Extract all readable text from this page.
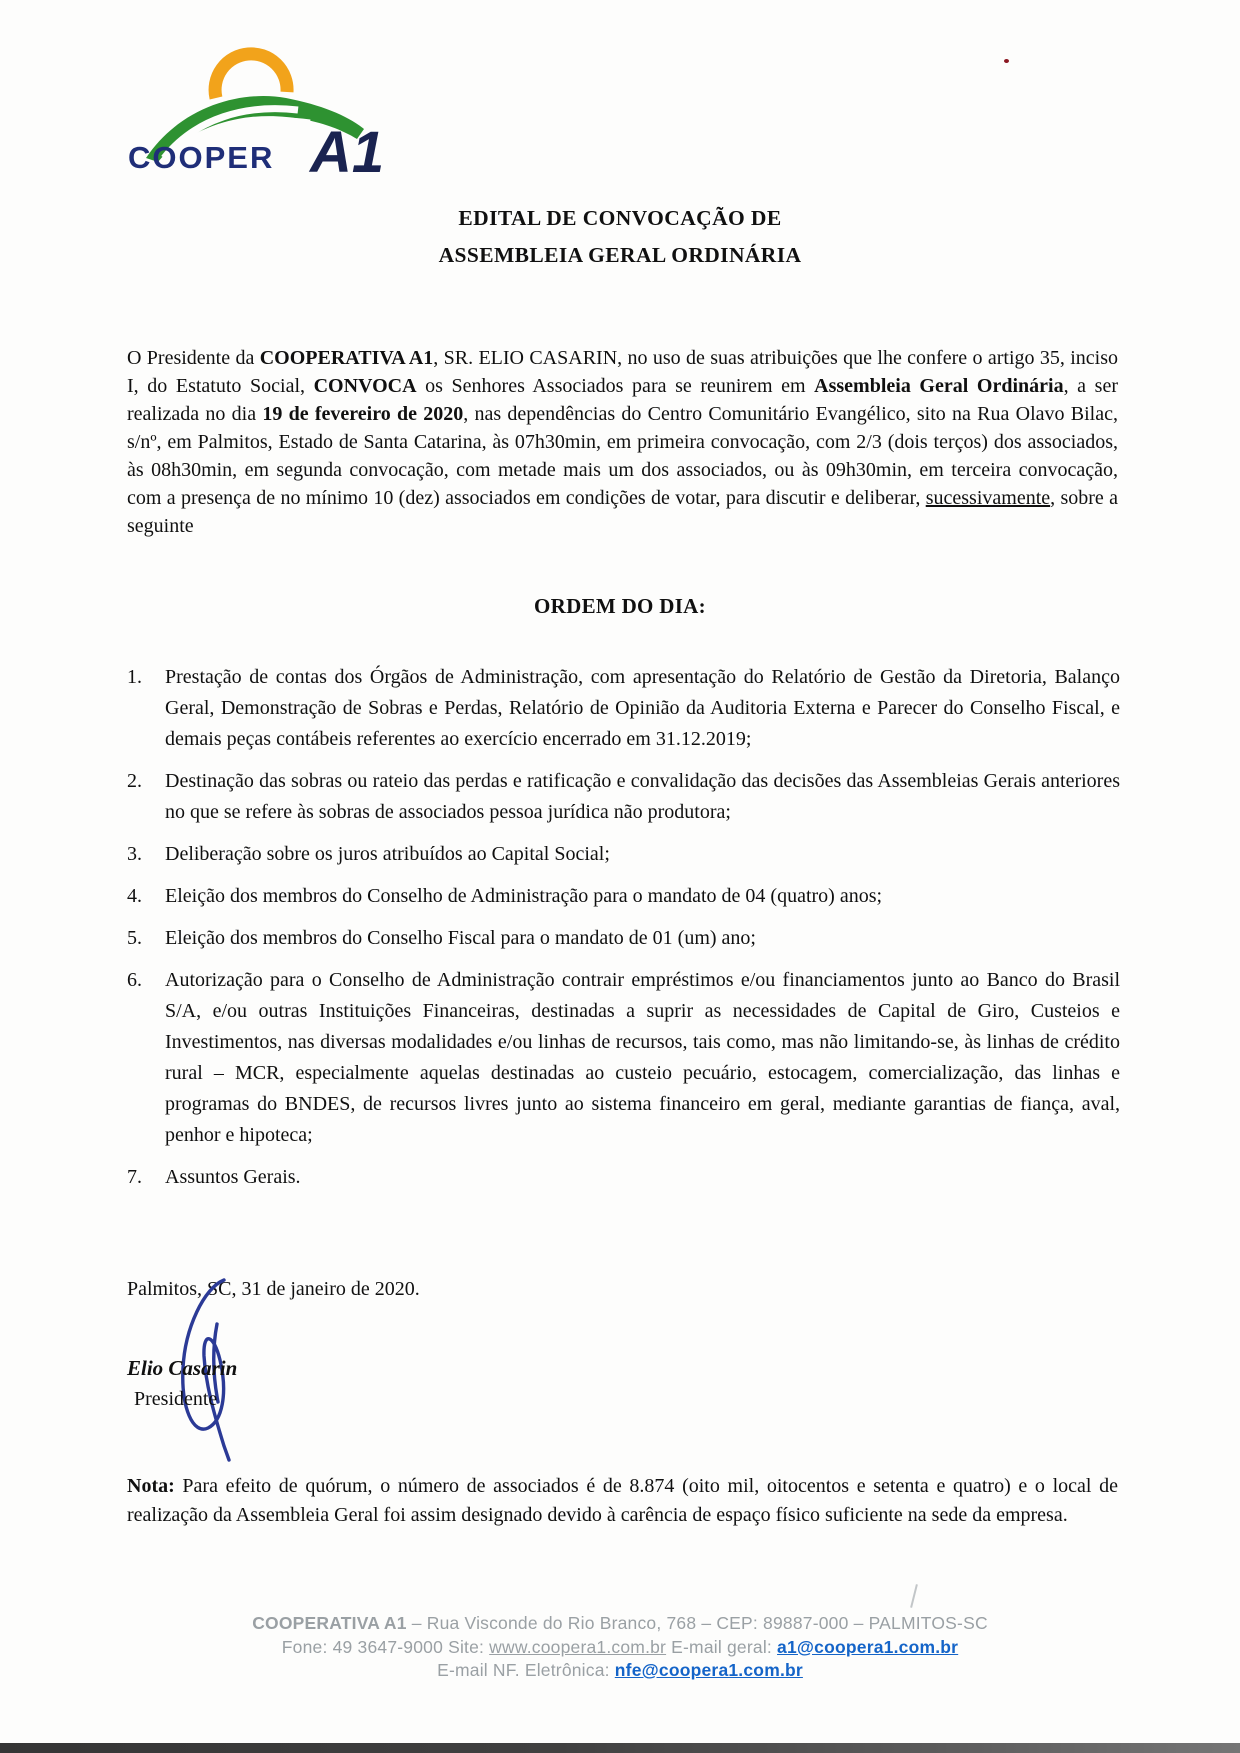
COOPER A1
EDITAL DE CONVOCAÇÃO DE
ASSEMBLEIA GERAL ORDINÁRIA

O Presidente da COOPERATIVA A1, SR. ELIO CASARIN, no uso de suas atribuições que lhe confere o artigo 35, inciso I, do Estatuto Social, CONVOCA os Senhores Associados para se reunirem em Assembleia Geral Ordinária, a ser realizada no dia 19 de fevereiro de 2020, nas dependências do Centro Comunitário Evangélico, sito na Rua Olavo Bilac, s/nº, em Palmitos, Estado de Santa Catarina, às 07h30min, em primeira convocação, com 2/3 (dois terços) dos associados, às 08h30min, em segunda convocação, com metade mais um dos associados, ou às 09h30min, em terceira convocação, com a presença de no mínimo 10 (dez) associados em condições de votar, para discutir e deliberar, sucessivamente, sobre a seguinte

ORDEM DO DIA:
1.	Prestação de contas dos Órgãos de Administração, com apresentação do Relatório de Gestão da Diretoria, Balanço Geral, Demonstração de Sobras e Perdas, Relatório de Opinião da Auditoria Externa e Parecer do Conselho Fiscal, e demais peças contábeis referentes ao exercício encerrado em 31.12.2019;
2.	Destinação das sobras ou rateio das perdas e ratificação e convalidação das decisões das Assembleias Gerais anteriores no que se refere às sobras de associados pessoa jurídica não produtora;
3.	Deliberação sobre os juros atribuídos ao Capital Social;
4.	Eleição dos membros do Conselho de Administração para o mandato de 04 (quatro) anos;
5.	Eleição dos membros do Conselho Fiscal para o mandato de 01 (um) ano;
6.	Autorização para o Conselho de Administração contrair empréstimos e/ou financiamentos junto ao Banco do Brasil S/A, e/ou outras Instituições Financeiras, destinadas a suprir as necessidades de Capital de Giro, Custeios e Investimentos, nas diversas modalidades e/ou linhas de recursos, tais como, mas não limitando-se, às linhas de crédito rural – MCR, especialmente aquelas destinadas ao custeio pecuário, estocagem, comercialização, das linhas e programas do BNDES, de recursos livres junto ao sistema financeiro em geral, mediante garantias de fiança, aval, penhor e hipoteca;
7.	Assuntos Gerais.
Palmitos, SC, 31 de janeiro de 2020.
Elio Casarin
Presidente

Nota: Para efeito de quórum, o número de associados é de 8.874 (oito mil, oitocentos e setenta e quatro) e o local de realização da Assembleia Geral foi assim designado devido à carência de espaço físico suficiente na sede da empresa.

COOPERATIVA A1 – Rua Visconde do Rio Branco, 768 – CEP: 89887-000 – PALMITOS-SC
Fone: 49 3647-9000 Site: www.coopera1.com.br E-mail geral: a1@coopera1.com.br
E-mail NF. Eletrônica: nfe@coopera1.com.br
